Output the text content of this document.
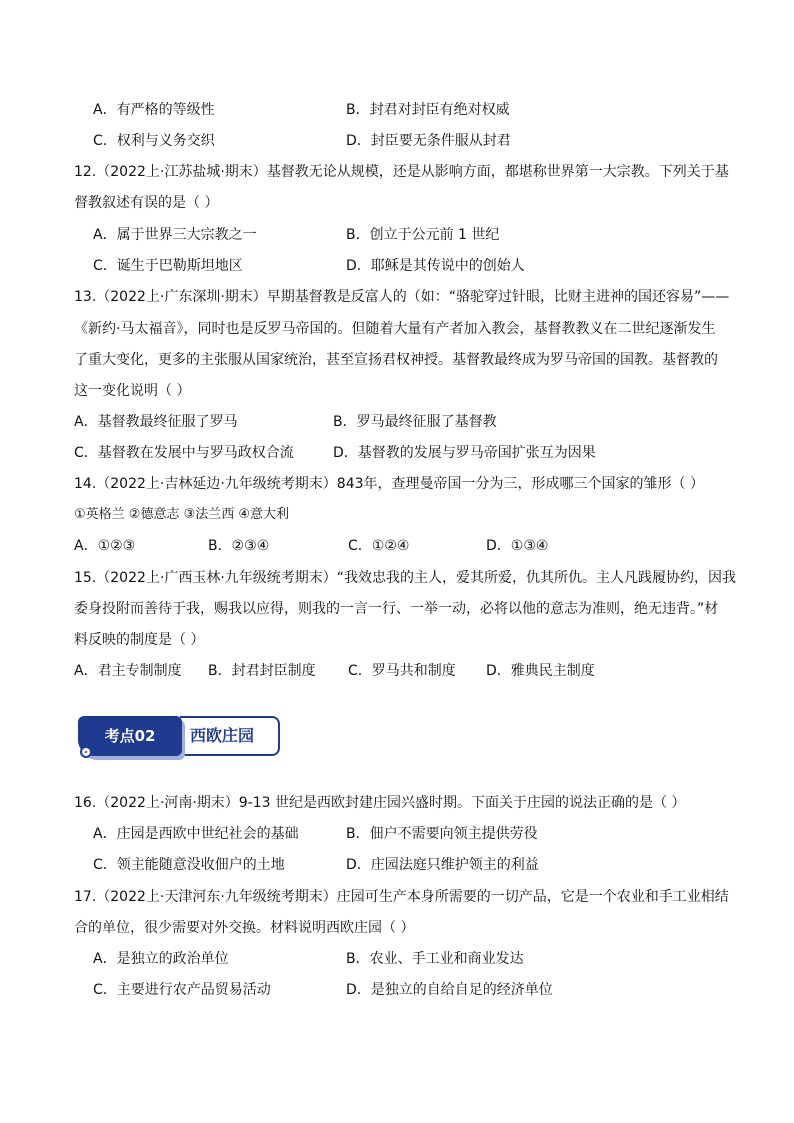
A．有严格的等级性	B．封君对封臣有绝对权威
C．权利与义务交织	D．封臣要无条件服从封君
12.（2022上·江苏盐城·期末）基督教无论从规模，还是从影响方面，都堪称世界第一大宗教。下列关于基
督教叙述有误的是（ ）
A．属于世界三大宗教之一	B．创立于公元前 1 世纪
C．诞生于巴勒斯坦地区	D．耶稣是其传说中的创始人
13.（2022上·广东深圳·期末）早期基督教是反富人的（如：“骆驼穿过针眼，比财主进神的国还容易”——
《新约·马太福音》，同时也是反罗马帝国的。但随着大量有产者加入教会，基督教教义在二世纪逐渐发生
了重大变化，更多的主张服从国家统治，甚至宣扬君权神授。基督教最终成为罗马帝国的国教。基督教的
这一变化说明（ ）
A．基督教最终征服了罗马	B．罗马最终征服了基督教
C．基督教在发展中与罗马政权合流	D．基督教的发展与罗马帝国扩张互为因果
14.（2022上·吉林延边·九年级统考期末）843年，查理曼帝国一分为三，形成哪三个国家的雏形（ ）
①英格兰 ②德意志 ③法兰西 ④意大利
A．①②③	B．②③④	C．①②④	D．①③④
15.（2022上·广西玉林·九年级统考期末）“我效忠我的主人，爱其所爱，仇其所仇。主人凡践履协约，因我
委身投附而善待于我，赐我以应得，则我的一言一行、一举一动，必将以他的意志为准则，绝无违背。”材
料反映的制度是（ ）
A．君主专制制度 B．封君封臣制度 C．罗马共和制度 D．雅典民主制度
考点02	西欧庄园
16.（2022上·河南·期末）9-13 世纪是西欧封建庄园兴盛时期。下面关于庄园的说法正确的是（ ）
A．庄园是西欧中世纪社会的基础	B．佃户不需要向领主提供劳役
C．领主能随意没收佃户的土地	D．庄园法庭只维护领主的利益
17.（2022上·天津河东·九年级统考期末）庄园可生产本身所需要的一切产品，它是一个农业和手工业相结
合的单位，很少需要对外交换。材料说明西欧庄园（ ）
A．是独立的政治单位	B．农业、手工业和商业发达
C．主要进行农产品贸易活动	D．是独立的自给自足的经济单位
